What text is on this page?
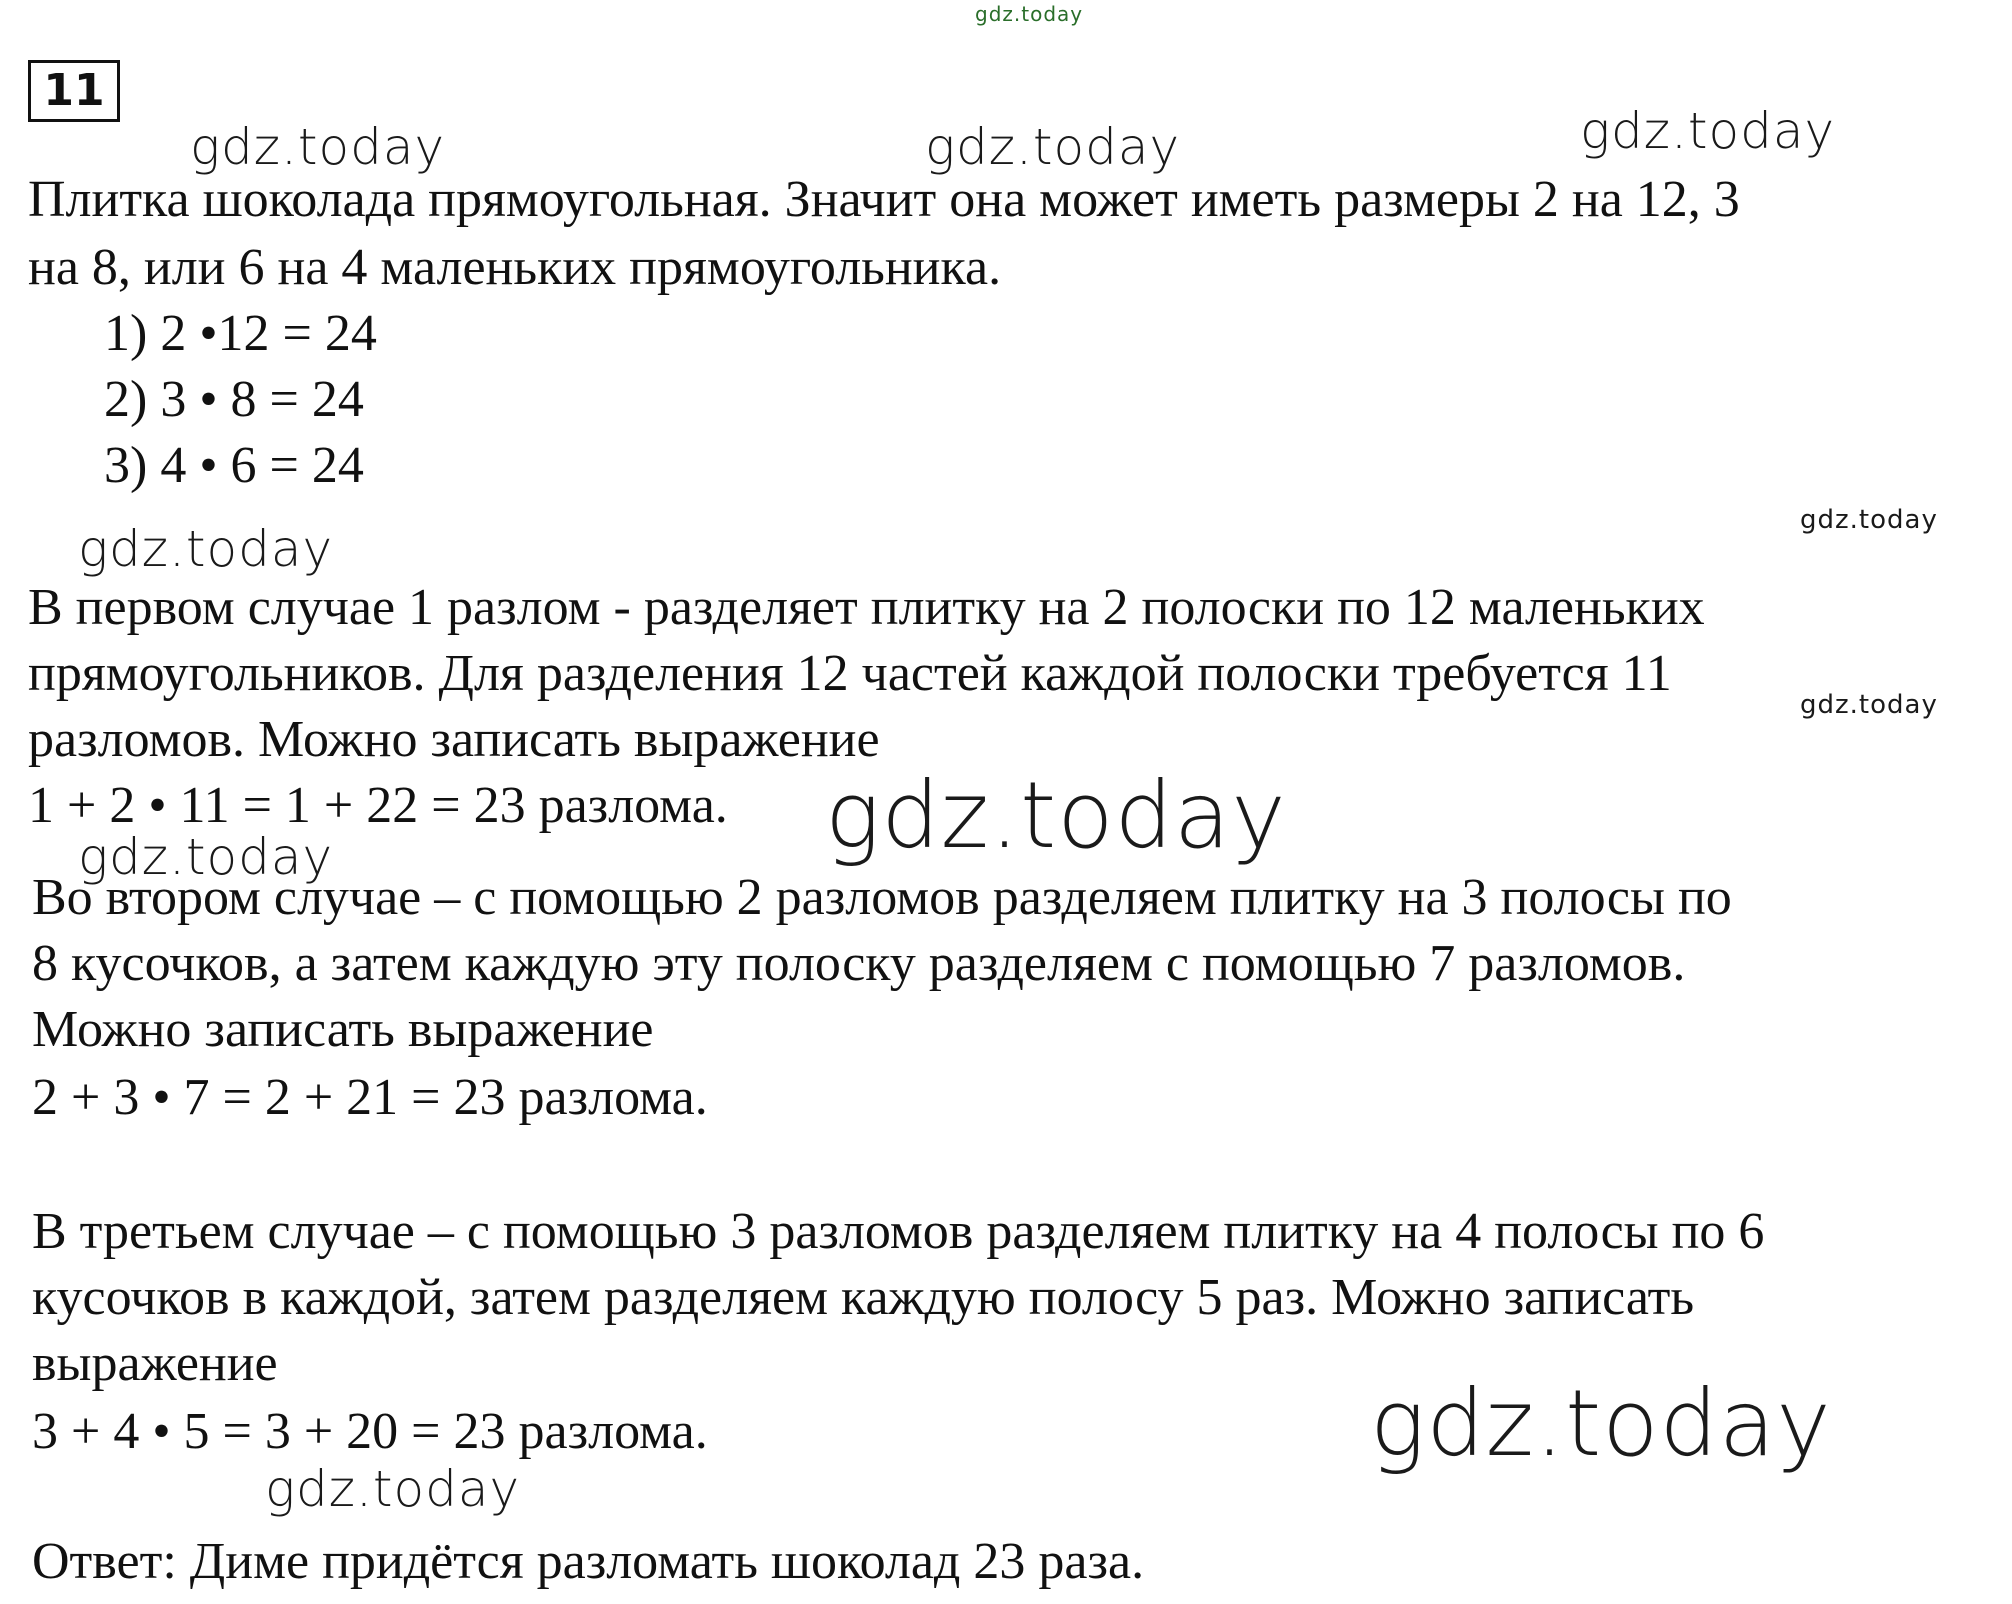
11
gdz.today
gdz.today	gdz.today	gdz.today
gdz.today
gdz.today
gdz.today
gdz.today	gdz.today
gdz.today
gdz.today

Плитка шоколада прямоугольная. Значит она может иметь размеры 2 на 12, 3

на 8, или 6 на 4 маленьких прямоугольника.

1) 2 •12 = 24

2) 3 • 8 = 24

3) 4 • 6 = 24

В первом случае 1 разлом - разделяет плитку на 2 полоски по 12 маленьких

прямоугольников. Для разделения 12 частей каждой полоски требуется 11

разломов. Можно записать выражение

1 + 2 • 11 = 1 + 22 = 23 разлома.

Во втором случае – с помощью 2 разломов разделяем плитку на 3 полосы по

8 кусочков, а затем каждую эту полоску разделяем с помощью 7 разломов.

Можно записать выражение

2 + 3 • 7 = 2 + 21 = 23 разлома.

В третьем случае – с помощью 3 разломов разделяем плитку на 4 полосы по 6

кусочков в каждой, затем разделяем каждую полосу 5 раз. Можно записать

выражение

3 + 4 • 5 = 3 + 20 = 23 разлома.

Ответ: Диме придётся разломать шоколад 23 раза.
